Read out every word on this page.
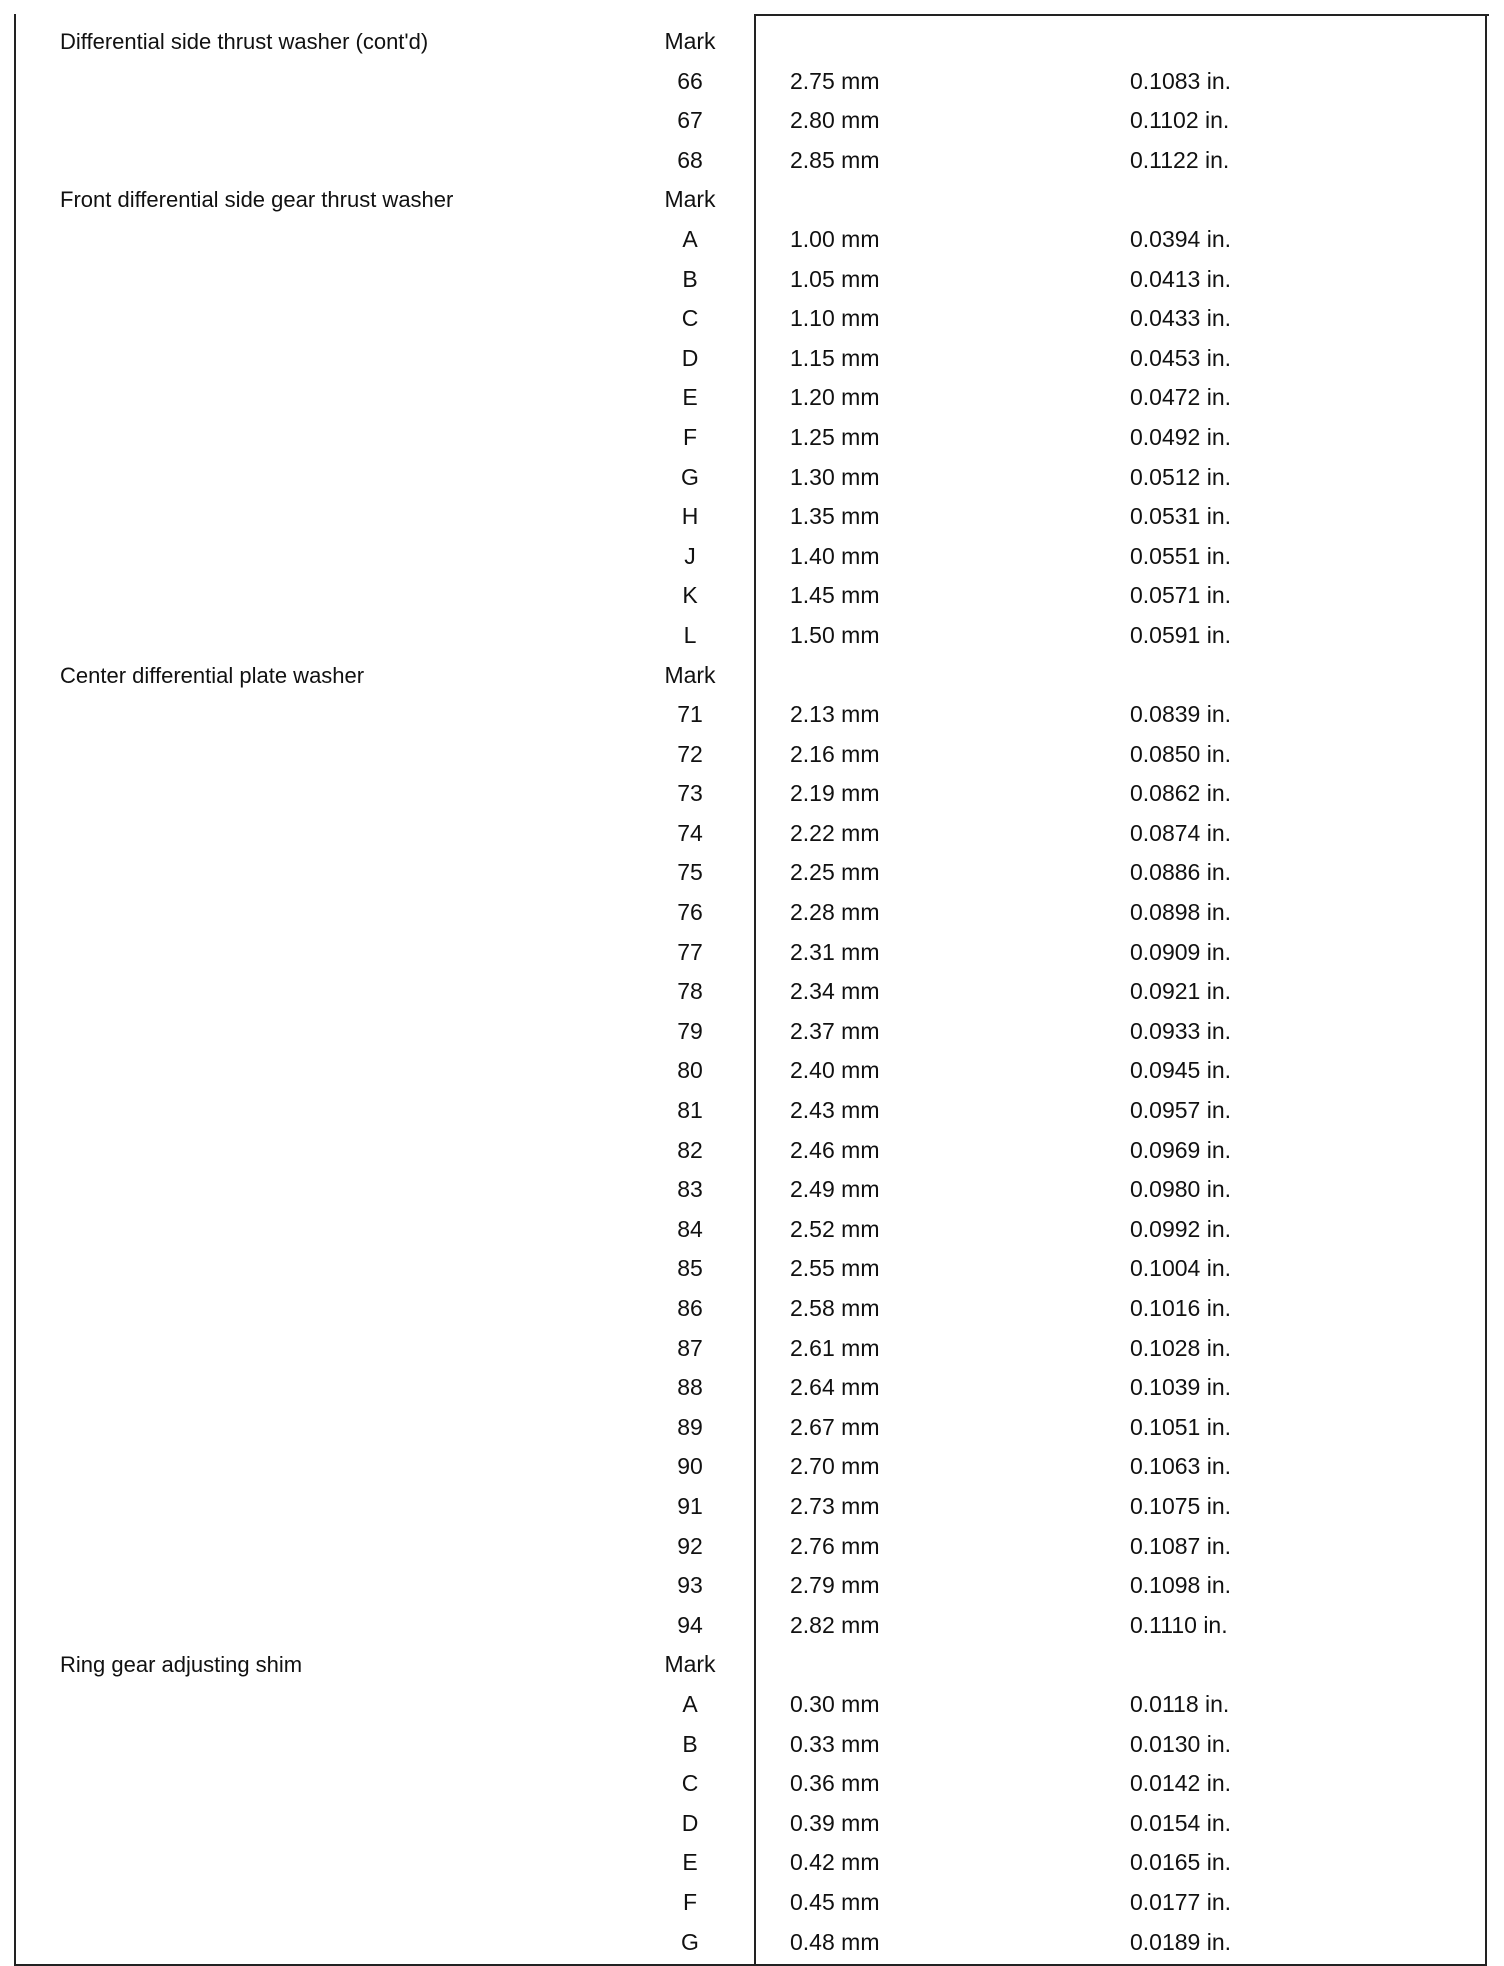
Differential side thrust washer (cont'd)	Mark
66	2.75 mm	0.1083 in.
67	2.80 mm	0.1102 in.
68	2.85 mm	0.1122 in.
Front differential side gear thrust washer	Mark
A	1.00 mm	0.0394 in.
B	1.05 mm	0.0413 in.
C	1.10 mm	0.0433 in.
D	1.15 mm	0.0453 in.
E	1.20 mm	0.0472 in.
F	1.25 mm	0.0492 in.
G	1.30 mm	0.0512 in.
H	1.35 mm	0.0531 in.
J	1.40 mm	0.0551 in.
K	1.45 mm	0.0571 in.
L	1.50 mm	0.0591 in.
Center differential plate washer	Mark
71	2.13 mm	0.0839 in.
72	2.16 mm	0.0850 in.
73	2.19 mm	0.0862 in.
74	2.22 mm	0.0874 in.
75	2.25 mm	0.0886 in.
76	2.28 mm	0.0898 in.
77	2.31 mm	0.0909 in.
78	2.34 mm	0.0921 in.
79	2.37 mm	0.0933 in.
80	2.40 mm	0.0945 in.
81	2.43 mm	0.0957 in.
82	2.46 mm	0.0969 in.
83	2.49 mm	0.0980 in.
84	2.52 mm	0.0992 in.
85	2.55 mm	0.1004 in.
86	2.58 mm	0.1016 in.
87	2.61 mm	0.1028 in.
88	2.64 mm	0.1039 in.
89	2.67 mm	0.1051 in.
90	2.70 mm	0.1063 in.
91	2.73 mm	0.1075 in.
92	2.76 mm	0.1087 in.
93	2.79 mm	0.1098 in.
94	2.82 mm	0.1110 in.
Ring gear adjusting shim	Mark
A	0.30 mm	0.0118 in.
B	0.33 mm	0.0130 in.
C	0.36 mm	0.0142 in.
D	0.39 mm	0.0154 in.
E	0.42 mm	0.0165 in.
F	0.45 mm	0.0177 in.
G	0.48 mm	0.0189 in.
